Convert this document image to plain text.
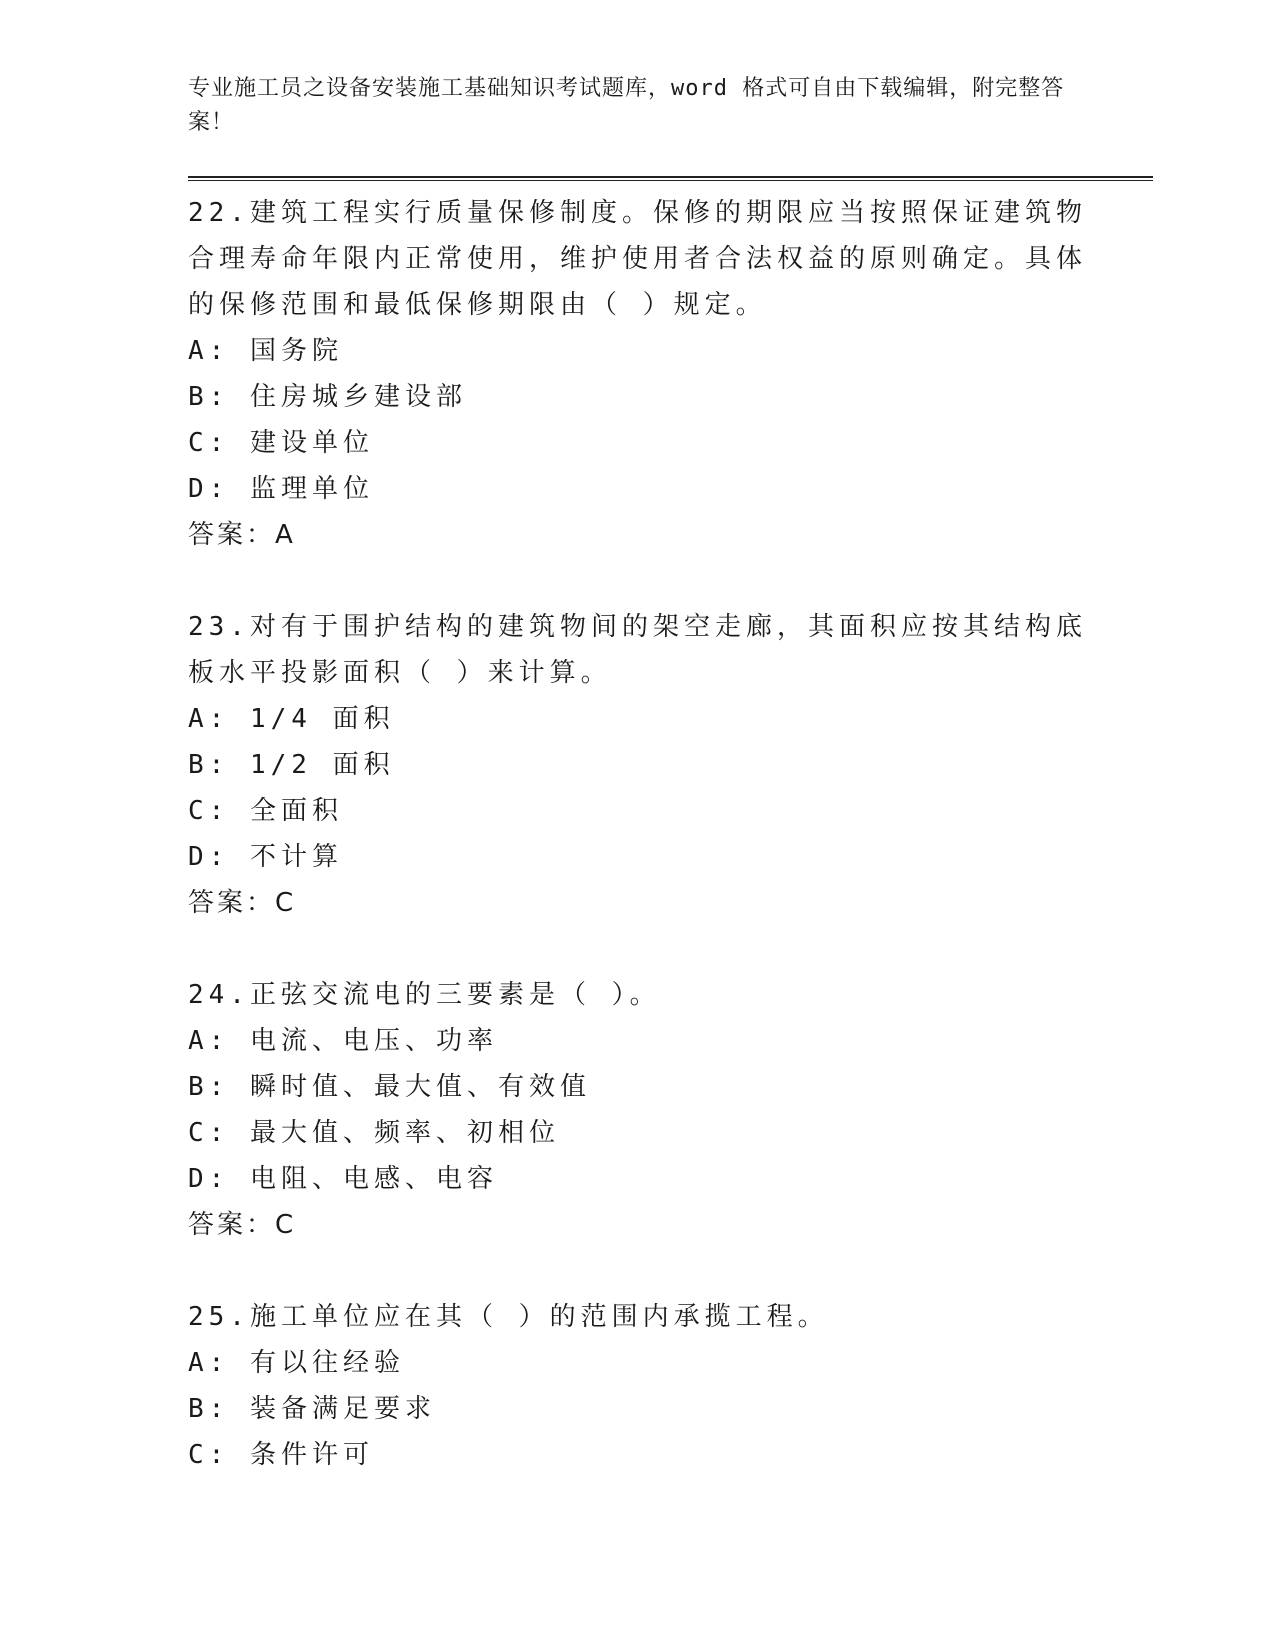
专业施工员之设备安装施工基础知识考试题库，word 格式可自由下载编辑，附完整答案！
22.建筑工程实行质量保修制度。保修的期限应当按照保证建筑物合理寿命年限内正常使用，维护使用者合法权益的原则确定。具体的保修范围和最低保修期限由（ ）规定。
A: 国务院
B: 住房城乡建设部
C: 建设单位
D: 监理单位
答案：A
23.对有于围护结构的建筑物间的架空走廊，其面积应按其结构底板水平投影面积（ ）来计算。
A: 1/4 面积
B: 1/2 面积
C: 全面积
D: 不计算
答案：C
24.正弦交流电的三要素是（ ）。
A: 电流、电压、功率
B: 瞬时值、最大值、有效值
C: 最大值、频率、初相位
D: 电阻、电感、电容
答案：C
25.施工单位应在其（ ）的范围内承揽工程。
A: 有以往经验
B: 装备满足要求
C: 条件许可
